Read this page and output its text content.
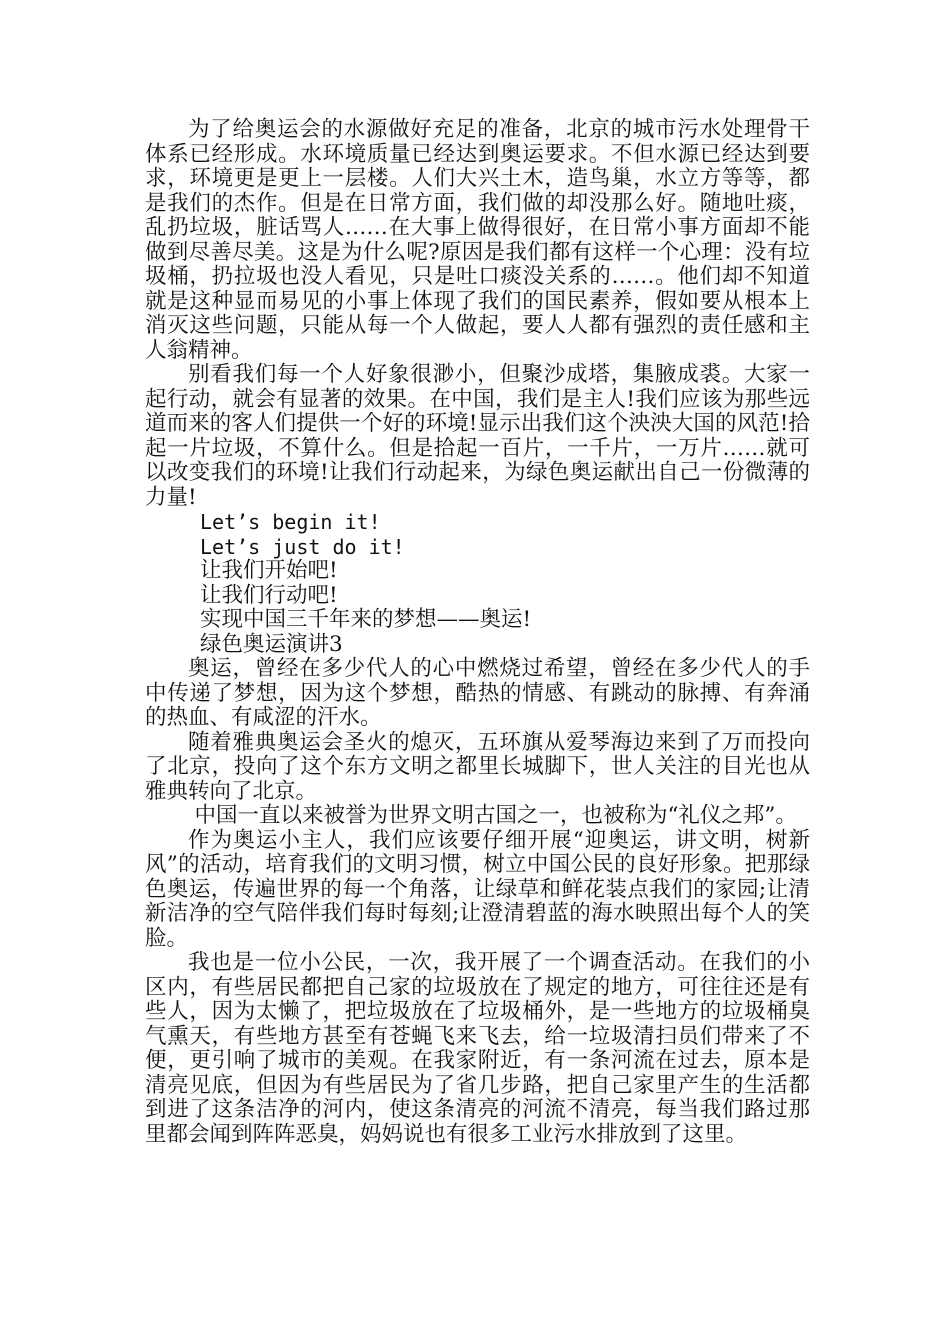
为了给奥运会的水源做好充足的准备，北京的城市污水处理骨干体系已经形成。水环境质量已经达到奥运要求。不但水源已经达到要求，环境更是更上一层楼。人们大兴土木，造鸟巢，水立方等等，都是我们的杰作。但是在日常方面，我们做的却没那么好。随地吐痰，乱扔垃圾，脏话骂人……在大事上做得很好，在日常小事方面却不能做到尽善尽美。这是为什么呢?原因是我们都有这样一个心理：没有垃圾桶，扔拉圾也没人看见，只是吐口痰没关系的……。他们却不知道就是这种显而易见的小事上体现了我们的国民素养，假如要从根本上消灭这些问题，只能从每一个人做起，要人人都有强烈的责任感和主人翁精神。

别看我们每一个人好象很渺小，但聚沙成塔，集腋成裘。大家一起行动，就会有显著的效果。在中国，我们是主人!我们应该为那些远道而来的客人们提供一个好的环境!显示出我们这个泱泱大国的风范!拾起一片垃圾，不算什么。但是拾起一百片，一千片，一万片……就可以改变我们的环境!让我们行动起来，为绿色奥运献出自己一份微薄的力量!

Let’s begin it!

Let’s just do it!

让我们开始吧!

让我们行动吧!

实现中国三千年来的梦想——奥运!

绿色奥运演讲3

奥运，曾经在多少代人的心中燃烧过希望，曾经在多少代人的手中传递了梦想，因为这个梦想，酷热的情感、有跳动的脉搏、有奔涌的热血、有咸涩的汗水。

随着雅典奥运会圣火的熄灭，五环旗从爱琴海边来到了万而投向了北京，投向了这个东方文明之都里长城脚下，世人关注的目光也从雅典转向了北京。

中国一直以来被誉为世界文明古国之一，也被称为“礼仪之邦”。

作为奥运小主人，我们应该要仔细开展“迎奥运，讲文明，树新风”的活动，培育我们的文明习惯，树立中国公民的良好形象。把那绿色奥运，传遍世界的每一个角落，让绿草和鲜花装点我们的家园;让清新洁净的空气陪伴我们每时每刻;让澄清碧蓝的海水映照出每个人的笑脸。

我也是一位小公民，一次，我开展了一个调查活动。在我们的小区内，有些居民都把自己家的垃圾放在了规定的地方，可往往还是有些人，因为太懒了，把垃圾放在了垃圾桶外，是一些地方的垃圾桶臭气熏天，有些地方甚至有苍蝇飞来飞去，给一垃圾清扫员们带来了不便，更引响了城市的美观。在我家附近，有一条河流在过去，原本是清亮见底，但因为有些居民为了省几步路，把自己家里产生的生活都到进了这条洁净的河内，使这条清亮的河流不清亮，每当我们路过那里都会闻到阵阵恶臭，妈妈说也有很多工业污水排放到了这里。
